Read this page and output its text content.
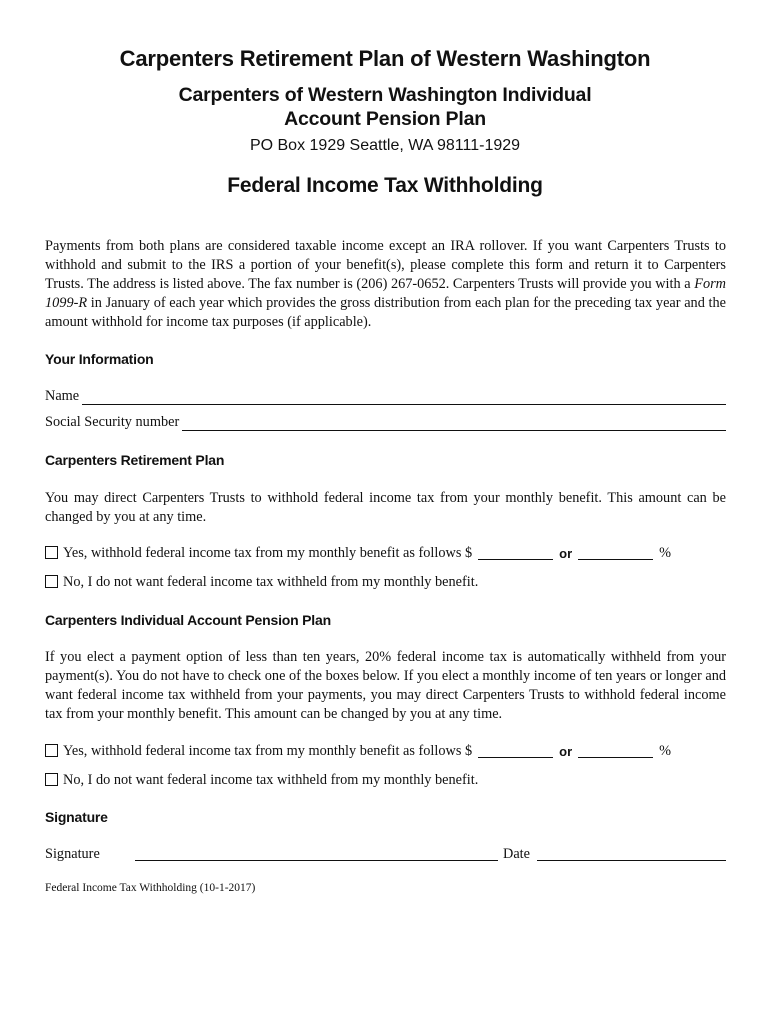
Carpenters Retirement Plan of Western Washington
Carpenters of Western Washington Individual
Account Pension Plan
PO Box 1929 Seattle, WA 98111-1929
Federal Income Tax Withholding

Payments from both plans are considered taxable income except an IRA rollover. If you want Carpenters Trusts to withhold and submit to the IRS a portion of your benefit(s), please complete this form and return it to Carpenters Trusts. The address is listed above. The fax number is (206) 267-0652. Carpenters Trusts will provide you with a Form 1099-R in January of each year which provides the gross distribution from each plan for the preceding tax year and the amount withhold for income tax purposes (if applicable).

Your Information
Name
Social Security number
Carpenters Retirement Plan

You may direct Carpenters Trusts to withhold federal income tax from your monthly benefit. This amount can be changed by you at any time.

Yes, withhold federal income tax from my monthly benefit as follows $	or	%
No, I do not want federal income tax withheld from my monthly benefit.
Carpenters Individual Account Pension Plan

If you elect a payment option of less than ten years, 20% federal income tax is automatically withheld from your payment(s). You do not have to check one of the boxes below. If you elect a monthly income of ten years or longer and want federal income tax withheld from your payments, you may direct Carpenters Trusts to withhold federal income tax from your monthly benefit. This amount can be changed by you at any time.

Yes, withhold federal income tax from my monthly benefit as follows $	or	%
No, I do not want federal income tax withheld from my monthly benefit.
Signature
Signature	Date
Federal Income Tax Withholding (10-1-2017)
